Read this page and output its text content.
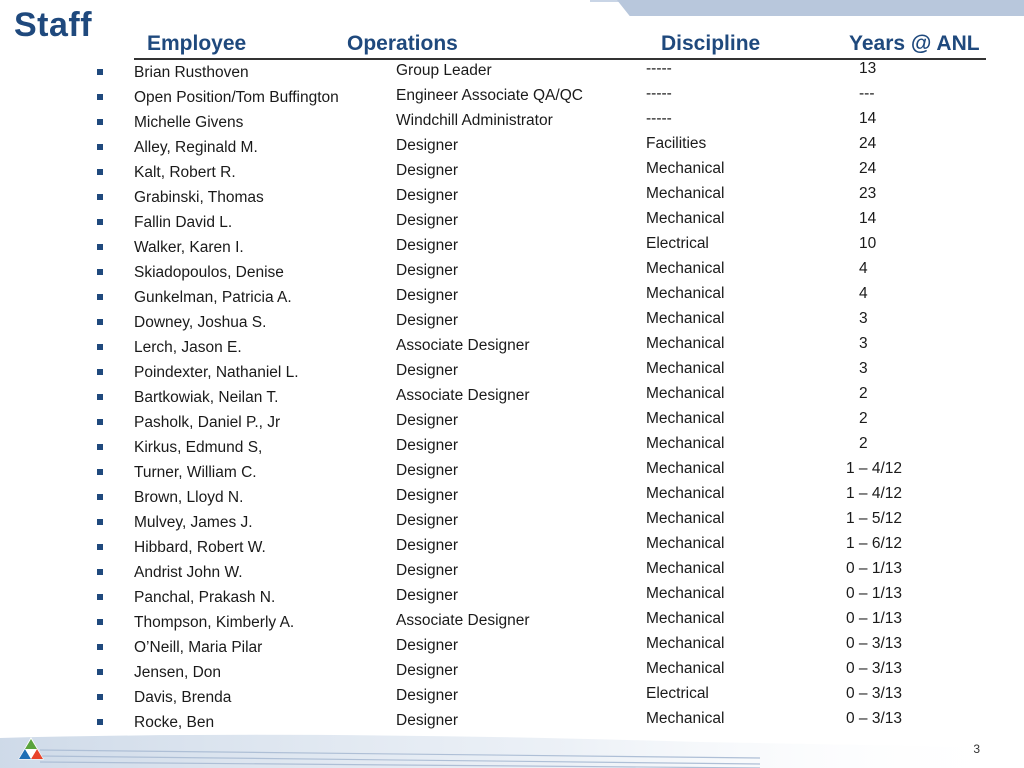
Staff	Employee	Operations	Discipline	Years @ ANL
Brian Rusthoven	Group Leader	-----	13
Open Position/Tom Buffington	Engineer Associate QA/QC	-----	---
Michelle Givens	Windchill Administrator	-----	14
Alley, Reginald M.	Designer	Facilities	24
Kalt, Robert R.	Designer	Mechanical	24
Grabinski, Thomas	Designer	Mechanical	23
Fallin David L.	Designer	Mechanical	14
Walker, Karen I.	Designer	Electrical	10
Skiadopoulos, Denise	Designer	Mechanical	4
Gunkelman, Patricia A.	Designer	Mechanical	4
Downey, Joshua S.	Designer	Mechanical	3
Lerch, Jason E.	Associate Designer	Mechanical	3
Poindexter, Nathaniel L.	Designer	Mechanical	3
Bartkowiak, Neilan T.	Associate Designer	Mechanical	2
Pasholk, Daniel P., Jr	Designer	Mechanical	2
Kirkus, Edmund S,	Designer	Mechanical	2
Turner, William C.	Designer	Mechanical	1 – 4/12
Brown, Lloyd N.	Designer	Mechanical	1 – 4/12
Mulvey, James J.	Designer	Mechanical	1 – 5/12
Hibbard, Robert W.	Designer	Mechanical	1 – 6/12
Andrist John W.	Designer	Mechanical	0 – 1/13
Panchal, Prakash N.	Designer	Mechanical	0 – 1/13
Thompson, Kimberly A.	Associate Designer	Mechanical	0 – 1/13
O’Neill, Maria Pilar	Designer	Mechanical	0 – 3/13
Jensen, Don	Designer	Mechanical	0 – 3/13
Davis, Brenda	Designer	Electrical	0 – 3/13
Rocke, Ben	Designer	Mechanical	0 – 3/13
3
